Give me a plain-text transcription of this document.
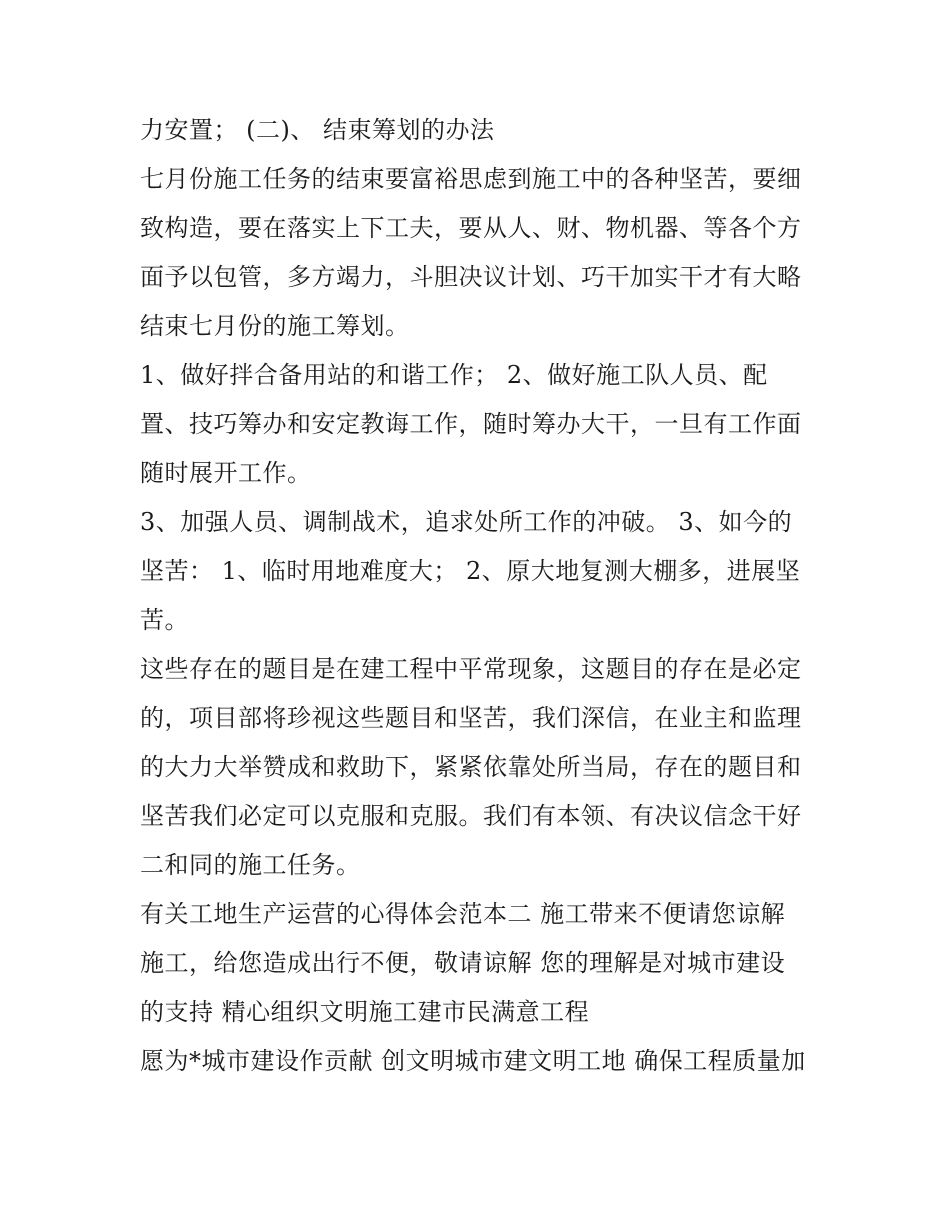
力安置； (二)、 结束筹划的办法
七月份施工任务的结束要富裕思虑到施工中的各种坚苦，要细
致构造，要在落实上下工夫，要从人、财、物机器、等各个方
面予以包管，多方竭力，斗胆决议计划、巧干加实干才有大略
结束七月份的施工筹划。
1、做好拌合备用站的和谐工作； 2、做好施工队人员、配
置、技巧筹办和安定教诲工作，随时筹办大干，一旦有工作面
随时展开工作。
3、加强人员、调制战术，追求处所工作的冲破。 3、如今的
坚苦： 1、临时用地难度大； 2、原大地复测大棚多，进展坚
苦。
这些存在的题目是在建工程中平常现象，这题目的存在是必定
的，项目部将珍视这些题目和坚苦，我们深信，在业主和监理
的大力大举赞成和救助下，紧紧依靠处所当局，存在的题目和
坚苦我们必定可以克服和克服。我们有本领、有决议信念干好
二和同的施工任务。
有关工地生产运营的心得体会范本二 施工带来不便请您谅解
施工，给您造成出行不便，敬请谅解 您的理解是对城市建设
的支持 精心组织文明施工建市民满意工程
愿为*城市建设作贡献 创文明城市建文明工地 确保工程质量加
